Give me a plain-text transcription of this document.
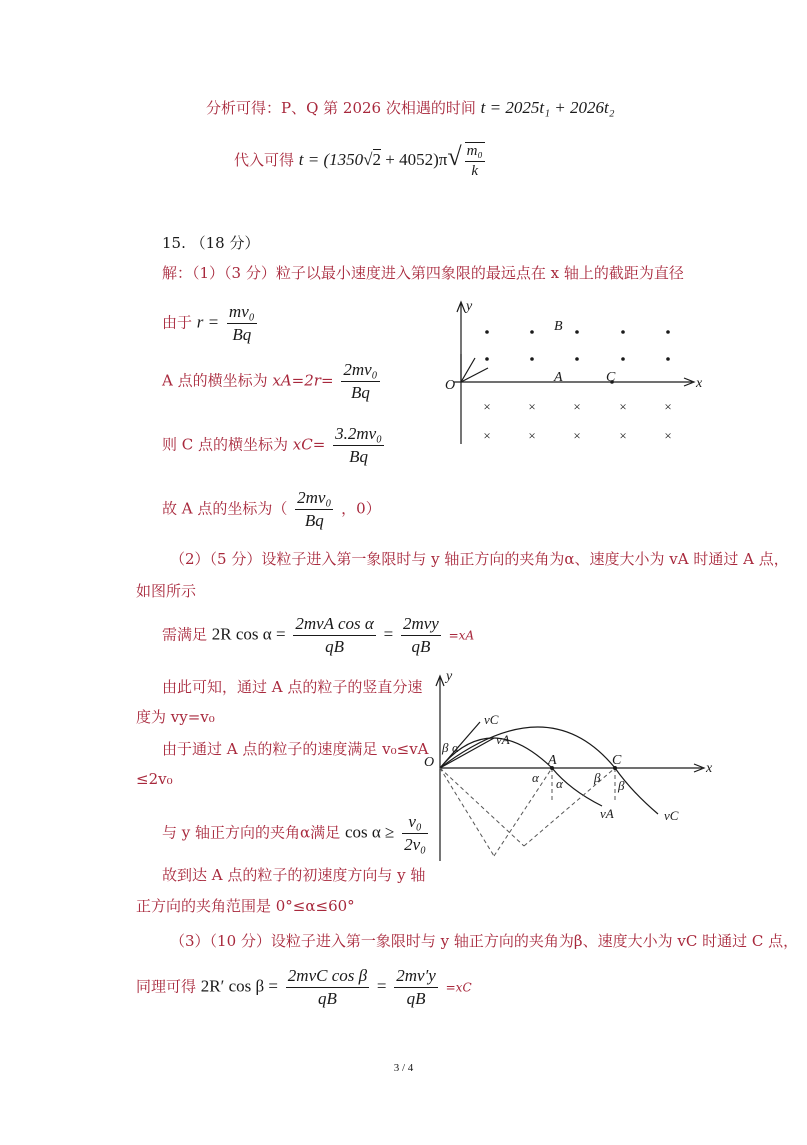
分析可得：P、Q 第 2026 次相遇的时间 t = 2025t₁ + 2026t₂
代入可得 $t = (1350√2 + 4052)\pi√ \frac{\text{m₀}}{k}$
15. （18 分）
解：（1）（3 分）粒子以最小速度进入第四象限的最远点在 x 轴上的截距为直径
由于 $r = \frac{\text{mv₀}}{Bq}$
A 点的横坐标为 $xA=2r= \frac{\text{2mv₀}}{Bq}$
则 C 点的横坐标为 $xC= \frac{\text{3.2mv₀}}{Bq}$
故 A 点的坐标为（ $\frac{\text{2mv₀}}{Bq}$ ，0）
×	×	×	×	×
×	×	×	×	×
y
x
O
B
A	C
（2）（5 分）设粒子进入第一象限时与 y 轴正方向的夹角为α、速度大小为 vA 时通过 A 点，
如图所示
需满足 2R $\cos \alpha = \frac{\text{2mvA cos α}}{qB} = \frac{\text{2mvy}}{qB} =xA$
由此可知，通过 A 点的粒子的竖直分速
度为 vy=v₀
由于通过 A 点的粒子的速度满足 v₀≤vA
≤2v₀
与 y 轴正方向的夹角α满足 $\cos \alpha \ge \frac{\text{v₀}}{\text{2v₀}}$
故到达 A 点的粒子的初速度方向与 y 轴
正方向的夹角范围是 0°≤α≤60°
y
x
O	A	C
vC
vA
β α
α α β
β
vA	vC
（3）（10 分）设粒子进入第一象限时与 y 轴正方向的夹角为β、速度大小为 vC 时通过 C 点，
同理可得 2R′ $\cos \beta = \frac{\text{2mvC cos β}}{qB} = \frac{2mv'y}{qB} =xC$
3 / 4
